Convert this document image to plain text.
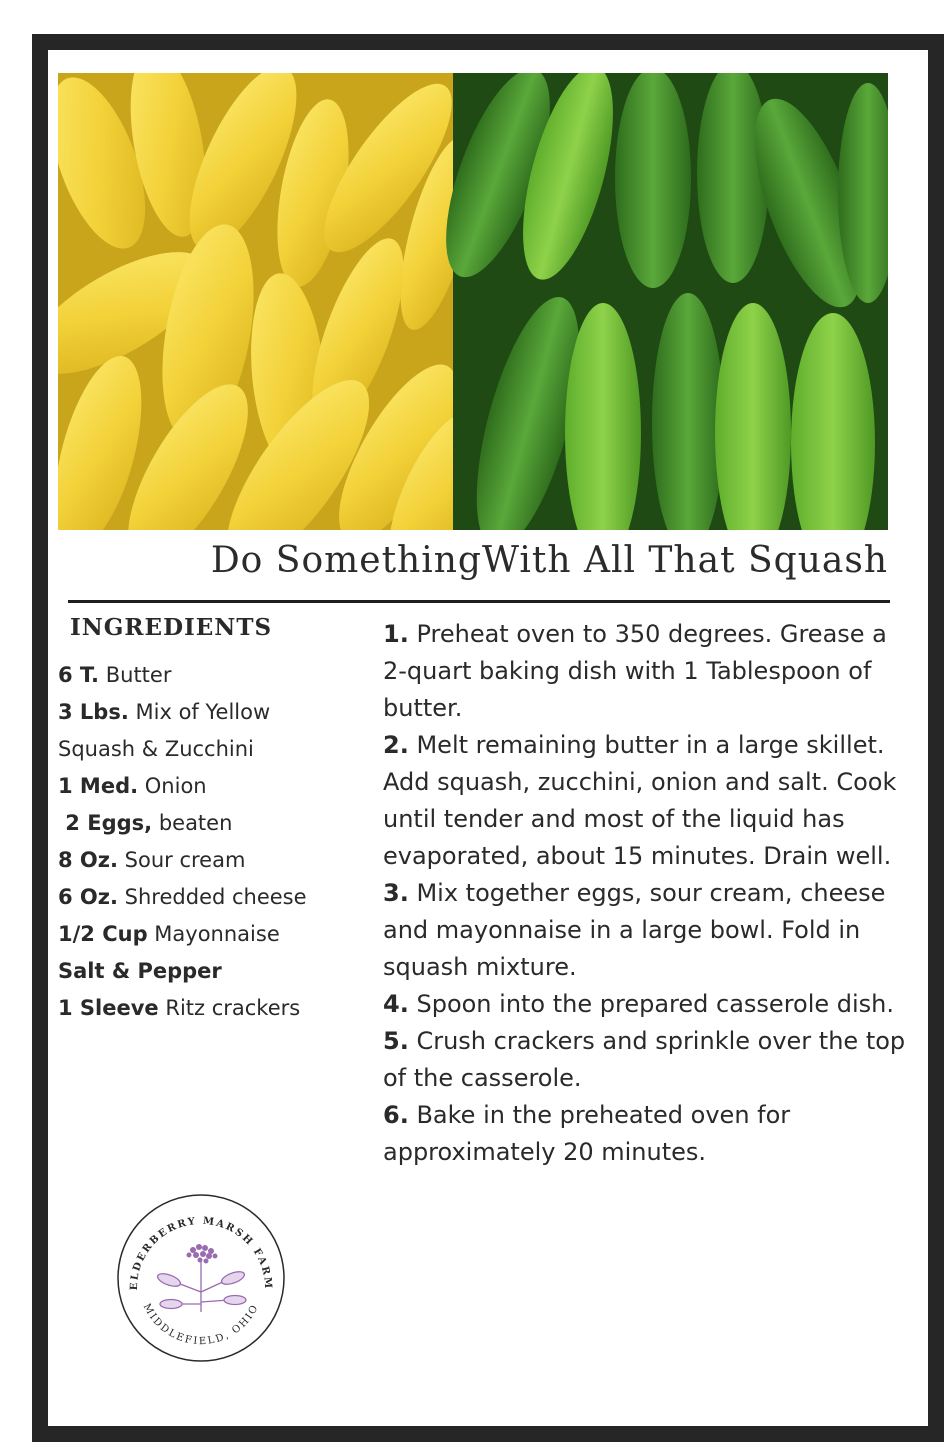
Do SomethingWith All That Squash
INGREDIENTS
6 T. Butter
3 Lbs. Mix of Yellow Squash & Zucchini
1 Med. Onion
2 Eggs, beaten
8 Oz. Sour cream
6 Oz. Shredded cheese
1/2 Cup Mayonnaise
Salt & Pepper
1 Sleeve Ritz crackers
1. Preheat oven to 350 degrees. Grease a 2-quart baking dish with 1 Tablespoon of butter.
2. Melt remaining butter in a large skillet. Add squash, zucchini, onion and salt. Cook until tender and most of the liquid has evaporated, about 15 minutes. Drain well.
3. Mix together eggs, sour cream, cheese and mayonnaise in a large bowl. Fold in squash mixture.
4. Spoon into the prepared casserole dish.
5. Crush crackers and sprinkle over the top of the casserole.
6. Bake in the preheated oven for approximately 20 minutes.
ELDERBERRY MARSH FARM
MIDDLEFIELD, OHIO
